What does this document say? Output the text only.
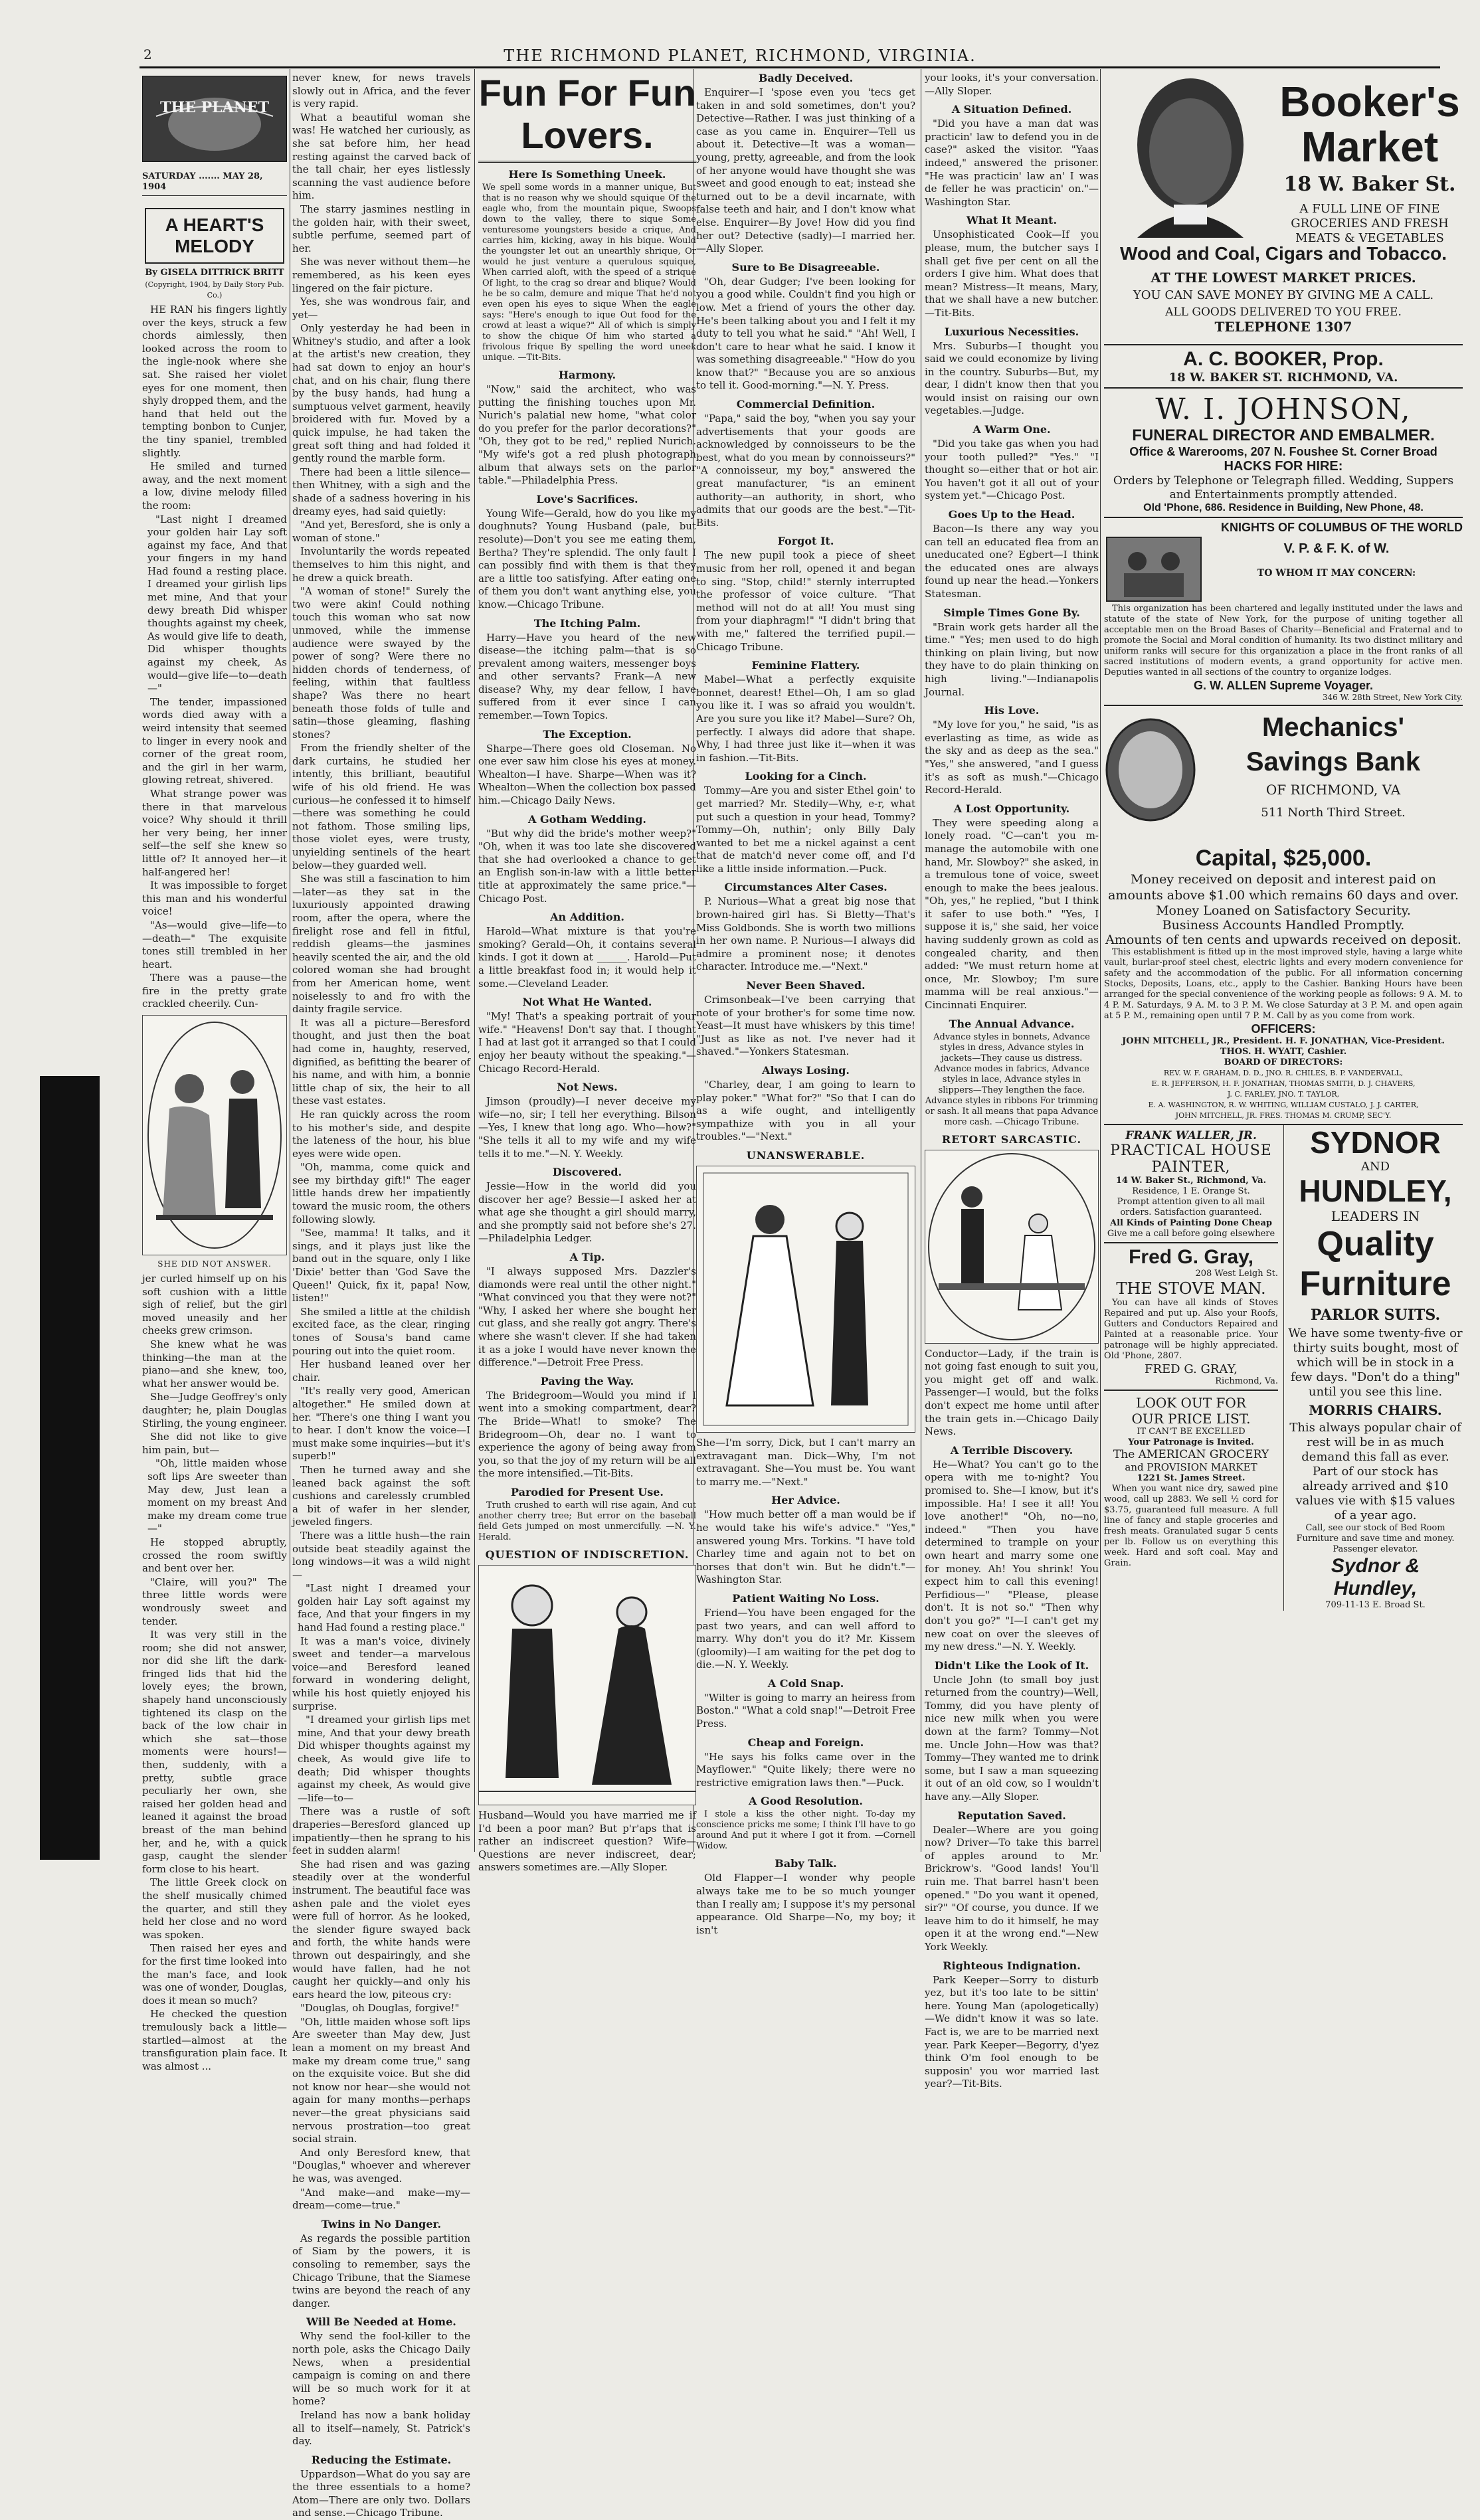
2	THE RICHMOND PLANET, RICHMOND, VIRGINIA.
THE PLANET
SATURDAY ....... MAY 28, 1904
A HEART'S MELODY
By GISELA DITTRICK BRITT
(Copyright, 1904, by Daily Story Pub. Co.)
HE RAN his fingers lightly over the keys, struck a few chords aimlessly, then looked across the room to the ingle-nook where she sat. She raised her violet eyes for one moment, then shyly dropped them, and the hand that held out the tempting bonbon to Cunjer, the tiny spaniel, trembled slightly.
He smiled and turned away, and the next moment a low, divine melody filled the room:
"Last night I dreamed your golden hair Lay soft against my face, And that your fingers in my hand Had found a resting place. I dreamed your girlish lips met mine, And that your dewy breath Did whisper thoughts against my cheek, As would give life to death, Did whisper thoughts against my cheek, As would—give life—to—death—"
The tender, impassioned words died away with a weird intensity that seemed to linger in every nook and corner of the great room, and the girl in her warm, glowing retreat, shivered.
What strange power was there in that marvelous voice? Why should it thrill her very being, her inner self—the self she knew so little of? It annoyed her—it half-angered her!
It was impossible to forget this man and his wonderful voice!
"As—would give—life—to—death—" The exquisite tones still trembled in her heart.
There was a pause—the fire in the pretty grate crackled cheerily. Cun-
SHE DID NOT ANSWER.
jer curled himself up on his soft cushion with a little sigh of relief, but the girl moved uneasily and her cheeks grew crimson.
She knew what he was thinking—the man at the piano—and she knew, too, what her answer would be.
She—Judge Geoffrey's only daughter; he, plain Douglas Stirling, the young engineer.
She did not like to give him pain, but—
"Oh, little maiden whose soft lips Are sweeter than May dew, Just lean a moment on my breast And make my dream come true—"
He stopped abruptly, crossed the room swiftly and bent over her.
"Claire, will you?" The three little words were wondrously sweet and tender.
It was very still in the room; she did not answer, nor did she lift the dark-fringed lids that hid the lovely eyes; the brown, shapely hand unconsciously tightened its clasp on the back of the low chair in which she sat—those moments were hours!—then, suddenly, with a pretty, subtle grace peculiarly her own, she raised her golden head and leaned it against the broad breast of the man behind her, and he, with a quick gasp, caught the slender form close to his heart.
The little Greek clock on the shelf musically chimed the quarter, and still they held her close and no word was spoken.
Then raised her eyes and for the first time looked into the man's face, and look was one of wonder, Douglas, does it mean so much?
He checked the question tremulously back a little—startled—almost at the transfiguration plain face. It was almost ...
never knew, for news travels slowly out in Africa, and the fever is very rapid.
What a beautiful woman she was! He watched her curiously, as she sat before him, her head resting against the carved back of the tall chair, her eyes listlessly scanning the vast audience before him.
The starry jasmines nestling in the golden hair, with their sweet, subtle perfume, seemed part of her.
She was never without them—he remembered, as his keen eyes lingered on the fair picture.
Yes, she was wondrous fair, and yet—
Only yesterday he had been in Whitney's studio, and after a look at the artist's new creation, they had sat down to enjoy an hour's chat, and on his chair, flung there by the busy hands, had hung a sumptuous velvet garment, heavily broidered with fur. Moved by a quick impulse, he had taken the great soft thing and had folded it gently round the marble form.
There had been a little silence—then Whitney, with a sigh and the shade of a sadness hovering in his dreamy eyes, had said quietly:
"And yet, Beresford, she is only a woman of stone."
Involuntarily the words repeated themselves to him this night, and he drew a quick breath.
"A woman of stone!" Surely the two were akin! Could nothing touch this woman who sat now unmoved, while the immense audience were swayed by the power of song? Were there no hidden chords of tenderness, of feeling, within that faultless shape? Was there no heart beneath those folds of tulle and satin—those gleaming, flashing stones?
From the friendly shelter of the dark curtains, he studied her intently, this brilliant, beautiful wife of his old friend. He was curious—he confessed it to himself—there was something he could not fathom. Those smiling lips, those violet eyes, were trusty, unyielding sentinels of the heart below—they guarded well.
She was still a fascination to him—later—as they sat in the luxuriously appointed drawing room, after the opera, where the firelight rose and fell in fitful, reddish gleams—the jasmines heavily scented the air, and the old colored woman she had brought from her American home, went noiselessly to and fro with the dainty fragile service.
It was all a picture—Beresford thought, and just then the boat had come in, haughty, reserved, dignified, as befitting the bearer of his name, and with him, a bonnie little chap of six, the heir to all these vast estates.
He ran quickly across the room to his mother's side, and despite the lateness of the hour, his blue eyes were wide open.
"Oh, mamma, come quick and see my birthday gift!" The eager little hands drew her impatiently toward the music room, the others following slowly.
"See, mamma! It talks, and it sings, and it plays just like the band out in the square, only I like 'Dixie' better than 'God Save the Queen!' Quick, fix it, papa! Now, listen!"
She smiled a little at the childish excited face, as the clear, ringing tones of Sousa's band came pouring out into the quiet room.
Her husband leaned over her chair.
"It's really very good, American altogether." He smiled down at her. "There's one thing I want you to hear. I don't know the voice—I must make some inquiries—but it's superb!"
Then he turned away and she leaned back against the soft cushions and carelessly crumbled a bit of wafer in her slender, jeweled fingers.
There was a little hush—the rain outside beat steadily against the long windows—it was a wild night—
"Last night I dreamed your golden hair Lay soft against my face, And that your fingers in my hand Had found a resting place."
It was a man's voice, divinely sweet and tender—a marvelous voice—and Beresford leaned forward in wondering delight, while his host quietly enjoyed his surprise.
"I dreamed your girlish lips met mine, And that your dewy breath Did whisper thoughts against my cheek, As would give life to death; Did whisper thoughts against my cheek, As would give—life—to—
There was a rustle of soft draperies—Beresford glanced up impatiently—then he sprang to his feet in sudden alarm!
She had risen and was gazing steadily over at the wonderful instrument. The beautiful face was ashen pale and the violet eyes were full of horror. As he looked, the slender figure swayed back and forth, the white hands were thrown out despairingly, and she would have fallen, had he not caught her quickly—and only his ears heard the low, piteous cry:
"Douglas, oh Douglas, forgive!"
"Oh, little maiden whose soft lips Are sweeter than May dew, Just lean a moment on my breast And make my dream come true," sang on the exquisite voice. But she did not know nor hear—she would not again for many months—perhaps never—the great physicians said nervous prostration—too great social strain.
And only Beresford knew, that "Douglas," whoever and wherever he was, was avenged.
"And make—and make—my—dream—come—true."
Twins in No Danger.
As regards the possible partition of Siam by the powers, it is consoling to remember, says the Chicago Tribune, that the Siamese twins are beyond the reach of any danger.
Will Be Needed at Home.
Why send the fool-killer to the north pole, asks the Chicago Daily News, when a presidential campaign is coming on and there will be so much work for it at home?
Ireland has now a bank holiday all to itself—namely, St. Patrick's day.
Reducing the Estimate.
Uppardson—What do you say are the three essentials to a home? Atom—There are only two. Dollars and sense.—Chicago Tribune.
Fun For Fun Lovers.
Here Is Something Uneek.
We spell some words in a manner unique, But that is no reason why we should squique Of the eagle who, from the mountain pique, Swoops down to the valley, there to sique Some venturesome youngsters beside a crique, And carries him, kicking, away in his bique. Would the youngster let out an unearthly shrique, Or would he just venture a querulous squique, When carried aloft, with the speed of a strique Of light, to the crag so drear and blique? Would he be so calm, demure and mique That he'd not even open his eyes to sique When the eagle says: "Here's enough to ique Out food for the crowd at least a wique?" All of which is simply to show the chique Of him who started a frivolous frique By spelling the word uneek unique. —Tit-Bits.
Harmony.
"Now," said the architect, who was putting the finishing touches upon Mr. Nurich's palatial new home, "what color do you prefer for the parlor decorations?" "Oh, they got to be red," replied Nurich. "My wife's got a red plush photograph album that always sets on the parlor table."—Philadelphia Press.
Love's Sacrifices.
Young Wife—Gerald, how do you like my doughnuts? Young Husband (pale, but resolute)—Don't you see me eating them, Bertha? They're splendid. The only fault I can possibly find with them is that they are a little too satisfying. After eating one of them you don't want anything else, you know.—Chicago Tribune.
The Itching Palm.
Harry—Have you heard of the new disease—the itching palm—that is so prevalent among waiters, messenger boys and other servants? Frank—A new disease? Why, my dear fellow, I have suffered from it ever since I can remember.—Town Topics.
The Exception.
Sharpe—There goes old Closeman. No one ever saw him close his eyes at money. Whealton—I have. Sharpe—When was it? Whealton—When the collection box passed him.—Chicago Daily News.
A Gotham Wedding.
"But why did the bride's mother weep?" "Oh, when it was too late she discovered that she had overlooked a chance to get an English son-in-law with a little better title at approximately the same price."—Chicago Post.
An Addition.
Harold—What mixture is that you're smoking? Gerald—Oh, it contains several kinds. I got it down at ______. Harold—Put a little breakfast food in; it would help it some.—Cleveland Leader.
Not What He Wanted.
"My! That's a speaking portrait of your wife." "Heavens! Don't say that. I thought I had at last got it arranged so that I could enjoy her beauty without the speaking."—Chicago Record-Herald.
Not News.
Jimson (proudly)—I never deceive my wife—no, sir; I tell her everything. Bilson—Yes, I knew that long ago. Who—how?" "She tells it all to my wife and my wife tells it to me."—N. Y. Weekly.
Discovered.
Jessie—How in the world did you discover her age? Bessie—I asked her at what age she thought a girl should marry, and she promptly said not before she's 27.—Philadelphia Ledger.
A Tip.
"I always supposed Mrs. Dazzler's diamonds were real until the other night." "What convinced you that they were not?" "Why, I asked her where she bought her cut glass, and she really got angry. There's where she wasn't clever. If she had taken it as a joke I would have never known the difference."—Detroit Free Press.
Paving the Way.
The Bridegroom—Would you mind if I went into a smoking compartment, dear? The Bride—What! to smoke? The Bridegroom—Oh, dear no. I want to experience the agony of being away from you, so that the joy of my return will be all the more intensified.—Tit-Bits.
Parodied for Present Use.
Truth crushed to earth will rise again, And cut another cherry tree; But error on the baseball field Gets jumped on most unmercifully. —N. Y. Herald.
QUESTION OF INDISCRETION.
Husband—Would you have married me if I'd been a poor man? But p'r'aps that is rather an indiscreet question? Wife—Questions are never indiscreet, dear; answers sometimes are.—Ally Sloper.
Badly Deceived.
Enquirer—I 'spose even you 'tecs get taken in and sold sometimes, don't you? Detective—Rather. I was just thinking of a case as you came in. Enquirer—Tell us about it. Detective—It was a woman—young, pretty, agreeable, and from the look of her anyone would have thought she was sweet and good enough to eat; instead she turned out to be a devil incarnate, with false teeth and hair, and I don't know what else. Enquirer—By Jove! How did you find her out? Detective (sadly)—I married her.—Ally Sloper.
Sure to Be Disagreeable.
"Oh, dear Gudger; I've been looking for you a good while. Couldn't find you high or low. Met a friend of yours the other day. He's been talking about you and I felt it my duty to tell you what he said." "Ah! Well, I don't care to hear what he said. I know it was something disagreeable." "How do you know that?" "Because you are so anxious to tell it. Good-morning."—N. Y. Press.
Commercial Definition.
"Papa," said the boy, "when you say your advertisements that your goods are acknowledged by connoisseurs to be the best, what do you mean by connoisseurs?" "A connoisseur, my boy," answered the great manufacturer, "is an eminent authority—an authority, in short, who admits that our goods are the best."—Tit-Bits.
Forgot It.
The new pupil took a piece of sheet music from her roll, opened it and began to sing. "Stop, child!" sternly interrupted the professor of voice culture. "That method will not do at all! You must sing from your diaphragm!" "I didn't bring that with me," faltered the terrified pupil.—Chicago Tribune.
Feminine Flattery.
Mabel—What a perfectly exquisite bonnet, dearest! Ethel—Oh, I am so glad you like it. I was so afraid you wouldn't. Are you sure you like it? Mabel—Sure? Oh, perfectly. I always did adore that shape. Why, I had three just like it—when it was in fashion.—Tit-Bits.
Looking for a Cinch.
Tommy—Are you and sister Ethel goin' to get married? Mr. Stedily—Why, e-r, what put such a question in your head, Tommy? Tommy—Oh, nuthin'; only Billy Daly wanted to bet me a nickel against a cent that de match'd never come off, and I'd like a little inside information.—Puck.
Circumstances Alter Cases.
P. Nurious—What a great big nose that brown-haired girl has. Si Bletty—That's Miss Goldbonds. She is worth two millions in her own name. P. Nurious—I always did admire a prominent nose; it denotes character. Introduce me.—"Next."
Never Been Shaved.
Crimsonbeak—I've been carrying that note of your brother's for some time now. Yeast—It must have whiskers by this time! "Just as like as not. I've never had it shaved."—Yonkers Statesman.
Always Losing.
"Charley, dear, I am going to learn to play poker." "What for?" "So that I can do as a wife ought, and intelligently sympathize with you in all your troubles."—"Next."
UNANSWERABLE.
She—I'm sorry, Dick, but I can't marry an extravagant man. Dick—Why, I'm not extravagant. She—You must be. You want to marry me.—"Next."
Her Advice.
"How much better off a man would be if he would take his wife's advice." "Yes," answered young Mrs. Torkins. "I have told Charley time and again not to bet on horses that don't win. But he didn't."—Washington Star.
Patient Waiting No Loss.
Friend—You have been engaged for the past two years, and can well afford to marry. Why don't you do it? Mr. Kissem (gloomily)—I am waiting for the pet dog to die.—N. Y. Weekly.
A Cold Snap.
"Wilter is going to marry an heiress from Boston." "What a cold snap!"—Detroit Free Press.
Cheap and Foreign.
"He says his folks came over in the Mayflower." "Quite likely; there were no restrictive emigration laws then."—Puck.
A Good Resolution.
I stole a kiss the other night. To-day my conscience pricks me some; I think I'll have to go around And put it where I got it from. —Cornell Widow.
Baby Talk.
Old Flapper—I wonder why people always take me to be so much younger than I really am; I suppose it's my personal appearance. Old Sharpe—No, my boy; it isn't
your looks, it's your conversation.—Ally Sloper.
A Situation Defined.
"Did you have a man dat was practicin' law to defend you in de case?" asked the visitor. "Yaas indeed," answered the prisoner. "He was practicin' law an' I was de feller he was practicin' on."—Washington Star.
What It Meant.
Unsophisticated Cook—If you please, mum, the butcher says I shall get five per cent on all the orders I give him. What does that mean? Mistress—It means, Mary, that we shall have a new butcher.—Tit-Bits.
Luxurious Necessities.
Mrs. Suburbs—I thought you said we could economize by living in the country. Suburbs—But, my dear, I didn't know then that you would insist on raising our own vegetables.—Judge.
A Warm One.
"Did you take gas when you had your tooth pulled?" "Yes." "I thought so—either that or hot air. You haven't got it all out of your system yet."—Chicago Post.
Goes Up to the Head.
Bacon—Is there any way you can tell an educated flea from an uneducated one? Egbert—I think the educated ones are always found up near the head.—Yonkers Statesman.
Simple Times Gone By.
"Brain work gets harder all the time." "Yes; men used to do high thinking on plain living, but now they have to do plain thinking on high living."—Indianapolis Journal.
His Love.
"My love for you," he said, "is as everlasting as time, as wide as the sky and as deep as the sea." "Yes," she answered, "and I guess it's as soft as mush."—Chicago Record-Herald.
A Lost Opportunity.
They were speeding along a lonely road. "C—can't you m-manage the automobile with one hand, Mr. Slowboy?" she asked, in a tremulous tone of voice, sweet enough to make the bees jealous. "Oh, yes," he replied, "but I think it safer to use both." "Yes, I suppose it is," she said, her voice having suddenly grown as cold as congealed charity, and then added: "We must return home at once, Mr. Slowboy; I'm sure mamma will be real anxious."—Cincinnati Enquirer.
The Annual Advance.
Advance styles in bonnets, Advance styles in dress, Advance styles in jackets—They cause us distress. Advance modes in fabrics, Advance styles in lace, Advance styles in slippers—They lengthen the face. Advance styles in ribbons For trimming or sash. It all means that papa Advance more cash. —Chicago Tribune.
RETORT SARCASTIC.
Conductor—Lady, if the train is not going fast enough to suit you, you might get off and walk. Passenger—I would, but the folks don't expect me home until after the train gets in.—Chicago Daily News.
A Terrible Discovery.
He—What? You can't go to the opera with me to-night? You promised to. She—I know, but it's impossible. Ha! I see it all! You love another!" "Oh, no—no, indeed." "Then you have determined to trample on your own heart and marry some one for money. Ah! You shrink! You expect him to call this evening! Perfidious—" "Please, please don't. It is not so." "Then why don't you go?" "I—I can't get my new coat on over the sleeves of my new dress."—N. Y. Weekly.
Didn't Like the Look of It.
Uncle John (to small boy just returned from the country)—Well, Tommy, did you have plenty of nice new milk when you were down at the farm? Tommy—Not me. Uncle John—How was that? Tommy—They wanted me to drink some, but I saw a man squeezing it out of an old cow, so I wouldn't have any.—Ally Sloper.
Reputation Saved.
Dealer—Where are you going now? Driver—To take this barrel of apples around to Mr. Brickrow's. "Good lands! You'll ruin me. That barrel hasn't been opened." "Do you want it opened, sir?" "Of course, you dunce. If we leave him to do it himself, he may open it at the wrong end."—New York Weekly.
Righteous Indignation.
Park Keeper—Sorry to disturb yez, but it's too late to be sittin' here. Young Man (apologetically)—We didn't know it was so late. Fact is, we are to be married next year. Park Keeper—Begorry, d'yez think O'm fool enough to be supposin' you wor married last year?—Tit-Bits.
Booker's
Market
18 W. Baker St.
A FULL LINE OF FINE GROCERIES AND FRESH MEATS & VEGETABLES
Wood and Coal, Cigars and Tobacco.
AT THE LOWEST MARKET PRICES.
YOU CAN SAVE MONEY BY GIVING ME A CALL.
ALL GOODS DELIVERED TO YOU FREE.
TELEPHONE 1307
A. C. BOOKER, Prop.
18 W. BAKER ST. RICHMOND, VA.
W. I. JOHNSON,
FUNERAL DIRECTOR AND EMBALMER.
Office & Warerooms, 207 N. Foushee St. Corner Broad
HACKS FOR HIRE:
Orders by Telephone or Telegraph filled. Wedding, Suppers and Entertainments promptly attended.
Old 'Phone, 686. Residence in Building, New Phone, 48.
KNIGHTS OF COLUMBUS OF THE WORLD
V. P. & F. K. of W.
TO WHOM IT MAY CONCERN:
This organization has been chartered and legally instituted under the laws and statute of the state of New York, for the purpose of uniting together all acceptable men on the Broad Bases of Charity—Beneficial and Fraternal and to promote the Social and Moral condition of humanity. Its two distinct military and uniform ranks will secure for this organization a place in the front ranks of all sacred institutions of modern events, a grand opportunity for active men. Deputies wanted in all sections of the country to organize lodges.
G. W. ALLEN Supreme Voyager.
346 W. 28th Street, New York City.
Mechanics'
Savings Bank
OF RICHMOND, VA
511 North Third Street.
Capital, $25,000.
Money received on deposit and interest paid on amounts above $1.00 which remains 60 days and over.
Money Loaned on Satisfactory Security.
Business Accounts Handled Promptly.
Amounts of ten cents and upwards received on deposit.
This establishment is fitted up in the most improved style, having a large white vault, burlar-proof steel chest, electric lights and every modern convenience for safety and the accommodation of the public. For all information concerning Stocks, Deposits, Loans, etc., apply to the Cashier. Banking Hours have been arranged for the special convenience of the working people as follows: 9 A. M. to 4 P. M. Saturdays, 9 A. M. to 3 P. M. We close Saturday at 3 P. M. and open again at 5 P. M., remaining open until 7 P. M. Call by as you come from work.
OFFICERS:
JOHN MITCHELL, JR., President. H. F. JONATHAN, Vice-President.
THOS. H. WYATT, Cashier.
BOARD OF DIRECTORS:
REV. W. F. GRAHAM, D. D., JNO. R. CHILES, B. P. VANDERVALL,
E. R. JEFFERSON, H. F. JONATHAN, THOMAS SMITH, D. J. CHAVERS,
J. C. FARLEY, JNO. T. TAYLOR,
E. A. WASHINGTON, R. W. WHITING, WILLIAM CUSTALO, J. J. CARTER,
JOHN MITCHELL, JR. FRES. THOMAS M. CRUMP, SEC'Y.
FRANK WALLER, JR.
PRACTICAL HOUSE PAINTER,
14 W. Baker St., Richmond, Va.
Residence, 1 E. Orange St.
Prompt attention given to all mail orders. Satisfaction guaranteed.
All Kinds of Painting Done Cheap
Give me a call before going elsewhere
Fred G. Gray,
208 West Leigh St.
THE STOVE MAN.
You can have all kinds of Stoves Repaired and put up. Also your Roofs, Gutters and Conductors Repaired and Painted at a reasonable price. Your patronage will be highly appreciated. Old 'Phone, 2807.
FRED G. GRAY,
Richmond, Va.
LOOK OUT FOR
OUR PRICE LIST.
IT CAN'T BE EXCELLED
Your Patronage is Invited.
The AMERICAN GROCERY
and PROVISION MARKET
1221 St. James Street.
When you want nice dry, sawed pine wood, call up 2883. We sell ½ cord for $3.75, guaranteed full measure. A full line of fancy and staple groceries and fresh meats. Granulated sugar 5 cents per lb. Follow us on everything this week. Hard and soft coal. May and Grain.
SYDNOR
AND
HUNDLEY,
LEADERS IN
Quality
Furniture
PARLOR SUITS.
We have some twenty-five or thirty suits bought, most of which will be in stock in a few days. "Don't do a thing" until you see this line.
MORRIS CHAIRS.
This always popular chair of rest will be in as much demand this fall as ever. Part of our stock has already arrived and $10 values vie with $15 values of a year ago.
Call, see our stock of Bed Room Furniture and save time and money. Passenger elevator.
Sydnor & Hundley,
709-11-13 E. Broad St.
